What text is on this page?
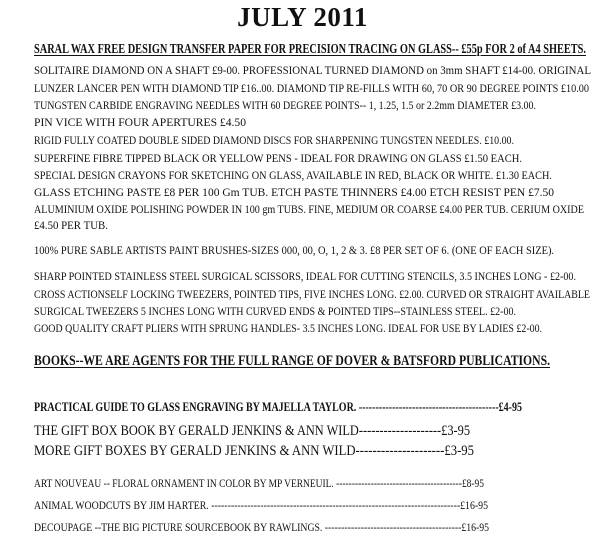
JULY 2011
SARAL WAX FREE DESIGN TRANSFER PAPER FOR PRECISION TRACING ON GLASS-- £55p FOR 2 of A4 SHEETS.
SOLITAIRE DIAMOND ON A SHAFT £9-00. PROFESSIONAL TURNED DIAMOND on 3mm SHAFT £14-00. ORIGINAL
LUNZER LANCER PEN WITH DIAMOND TIP £16..00. DIAMOND TIP RE-FILLS WITH 60, 70 OR 90 DEGREE POINTS £10.00
TUNGSTEN CARBIDE ENGRAVING NEEDLES WITH 60 DEGREE POINTS-- 1, 1.25, 1.5 or 2.2mm DIAMETER £3.00.
PIN VICE WITH FOUR APERTURES £4.50
RIGID FULLY COATED DOUBLE SIDED DIAMOND DISCS FOR SHARPENING TUNGSTEN NEEDLES. £10.00.
SUPERFINE FIBRE TIPPED BLACK OR YELLOW PENS - IDEAL FOR DRAWING ON GLASS £1.50 EACH.
SPECIAL DESIGN CRAYONS FOR SKETCHING ON GLASS, AVAILABLE IN RED, BLACK OR WHITE. £1.30 EACH.
GLASS ETCHING PASTE £8 PER 100 Gm TUB. ETCH PASTE THINNERS £4.00 ETCH RESIST PEN £7.50
ALUMINIUM OXIDE POLISHING POWDER IN 100 gm TUBS. FINE, MEDIUM OR COARSE £4.00 PER TUB. CERIUM OXIDE
£4.50 PER TUB.
100% PURE SABLE ARTISTS PAINT BRUSHES-SIZES 000, 00, O, 1, 2 & 3. £8 PER SET OF 6. (ONE OF EACH SIZE).
SHARP POINTED STAINLESS STEEL SURGICAL SCISSORS, IDEAL FOR CUTTING STENCILS, 3.5 INCHES LONG - £2-00.
CROSS ACTIONSELF LOCKING TWEEZERS, POINTED TIPS, FIVE INCHES LONG. £2.00. CURVED OR STRAIGHT AVAILABLE
SURGICAL TWEEZERS 5 INCHES LONG WITH CURVED ENDS & POINTED TIPS--STAINLESS STEEL. £2-00.
GOOD QUALITY CRAFT PLIERS WITH SPRUNG HANDLES- 3.5 INCHES LONG. IDEAL FOR USE BY LADIES £2-00.
BOOKS--WE ARE AGENTS FOR THE FULL RANGE OF DOVER & BATSFORD PUBLICATIONS.
PRACTICAL GUIDE TO GLASS ENGRAVING BY MAJELLA TAYLOR. ------------------------------------------£4-95
THE GIFT BOX BOOK BY GERALD JENKINS & ANN WILD--------------------£3-95
MORE GIFT BOXES BY GERALD JENKINS & ANN WILD---------------------£3-95
ART NOUVEAU -- FLORAL ORNAMENT IN COLOR BY MP VERNEUIL. ----------------------------------------£8-95
ANIMAL WOODCUTS BY JIM HARTER. ----------------------------------------------------------------------------£16-95
DECOUPAGE --THE BIG PICTURE SOURCEBOOK BY RAWLINGS. ------------------------------------------£16-95
